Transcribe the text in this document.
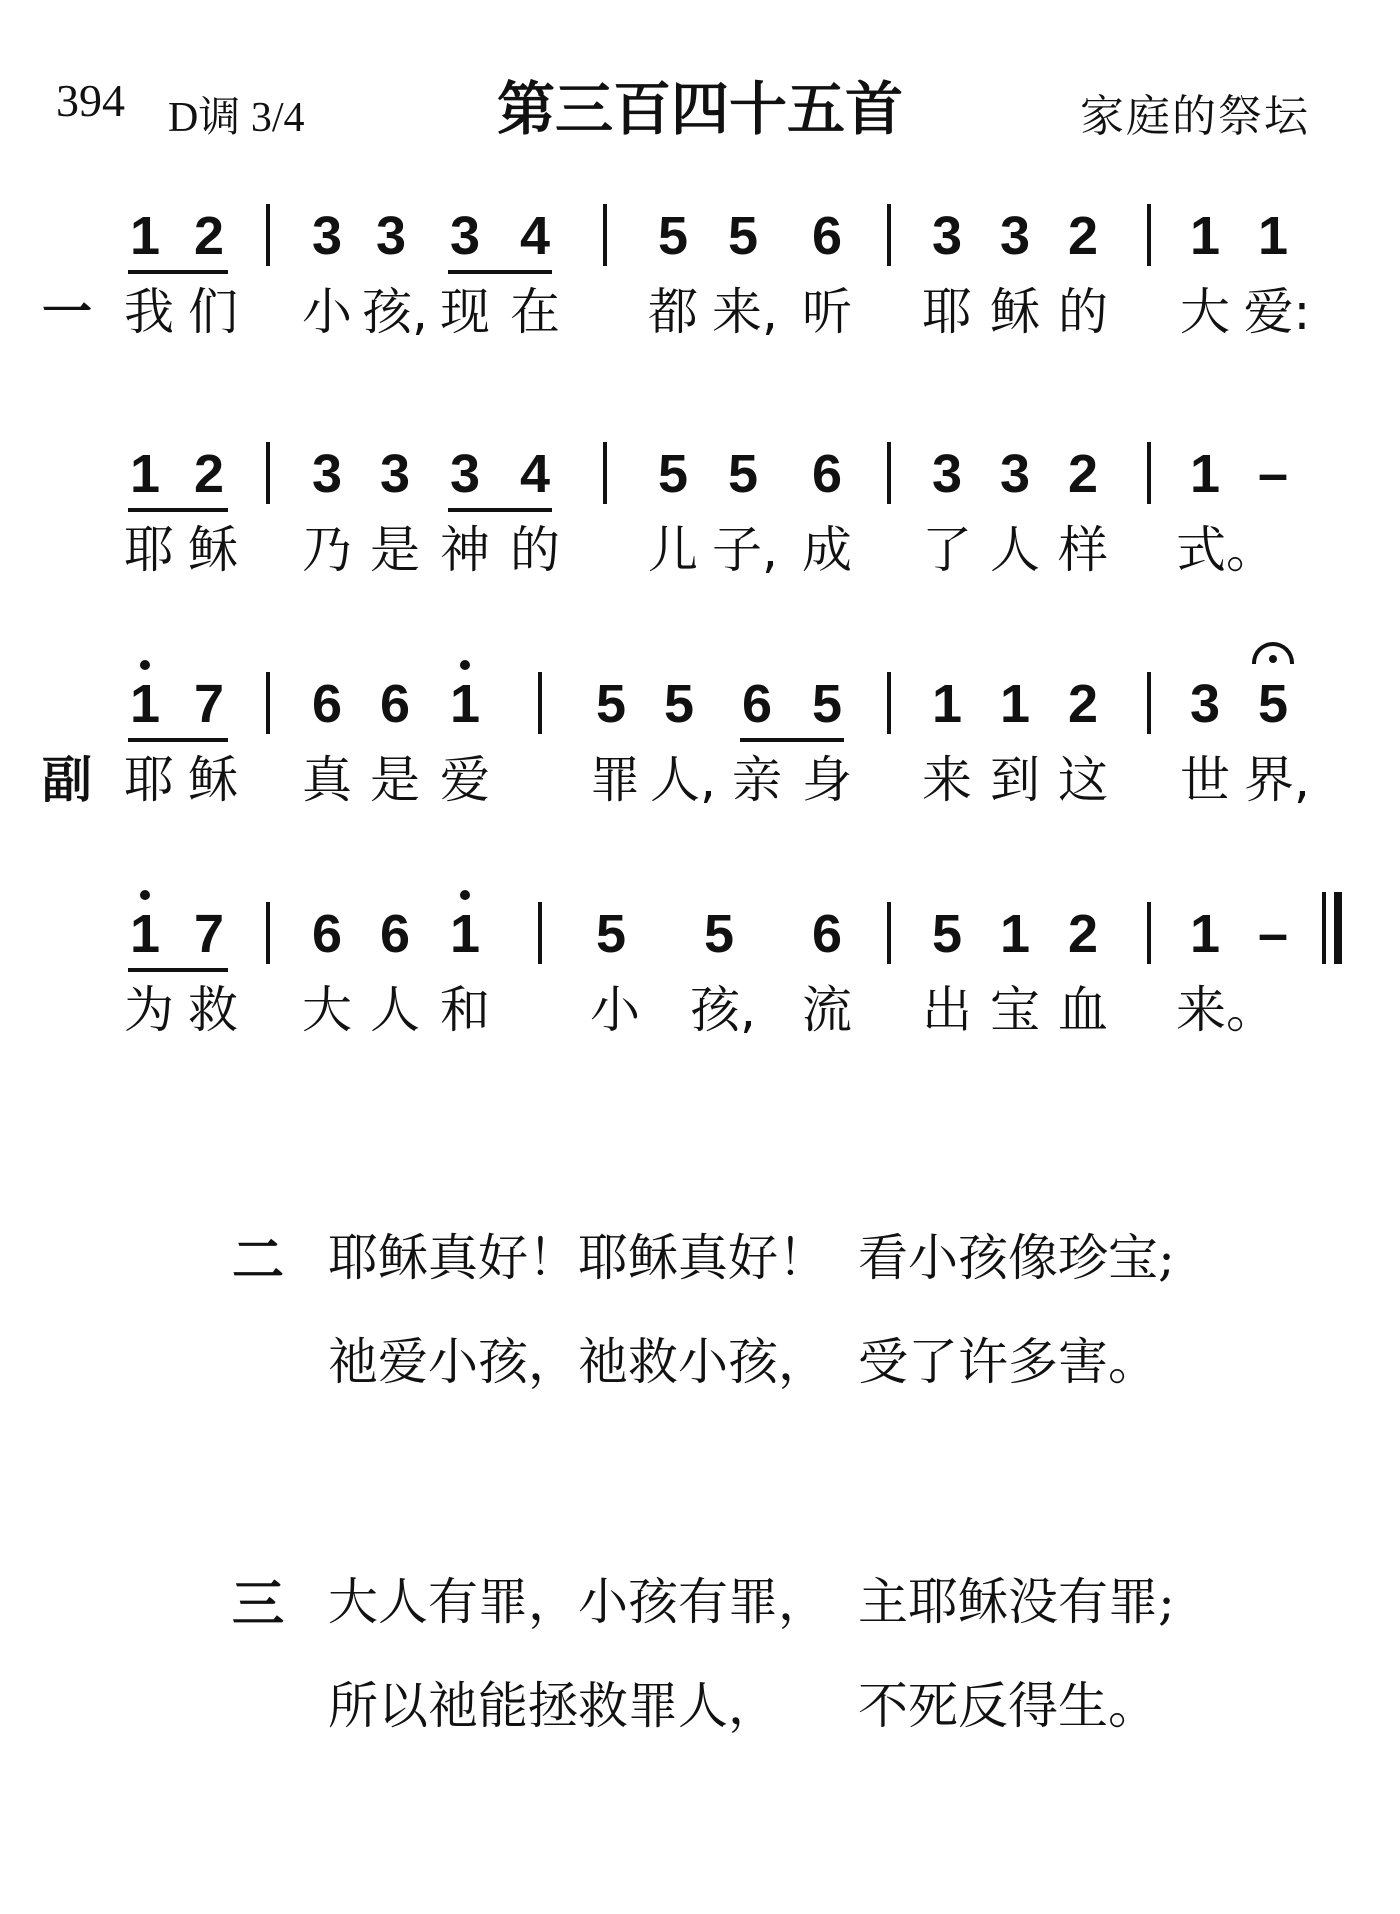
394 D调 3/4	第三百四十五首	家庭的祭坛
一
1 2	3 3 3 4	5 5 6	3 3 2	1 1
我 们 小 孩, 现 在 都 来, 听 耶 稣 的 大 爱:
1 2	3 3 3 4	5 5 6	3 3 2	1 –
耶 稣 乃 是 神 的 儿 子, 成 了 人 样 式。
副
1 7	6 6 1	5 5 6 5	1 1 2	3 5
耶 稣 真 是 爱 罪 人, 亲 身 来 到 这 世 界,
1 7	6 6 1	5	5	6	5 1 2	1 –
为 救 大 人 和 小 孩, 流 出 宝 血 来。
二 耶稣真好！耶稣真好！ 看小孩像珍宝;
祂爱小孩，祂救小孩， 受了许多害。
三 大人有罪，小孩有罪， 主耶稣没有罪;
所以祂能拯救罪人， 不死反得生。
